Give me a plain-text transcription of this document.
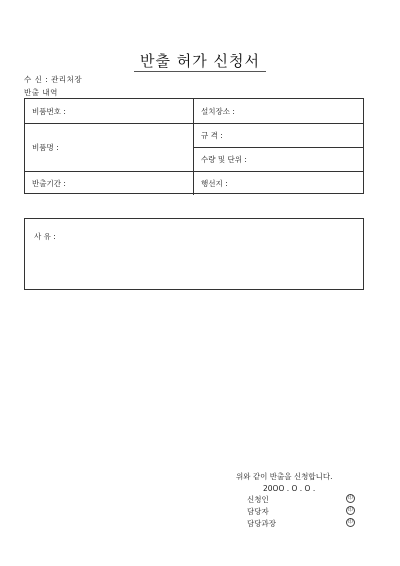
반출 허가 신청서
수 신 : 관리처장
반출 내역
비품번호 :	설치장소 :
비품명 :
규 격 :
수량 및 단위 :
반출기간 :	행선지 :
사 유 :
위와 같이 반출을 신청합니다.
20OO . O . O .
신청인	印
담당자	印
담당과장	印
